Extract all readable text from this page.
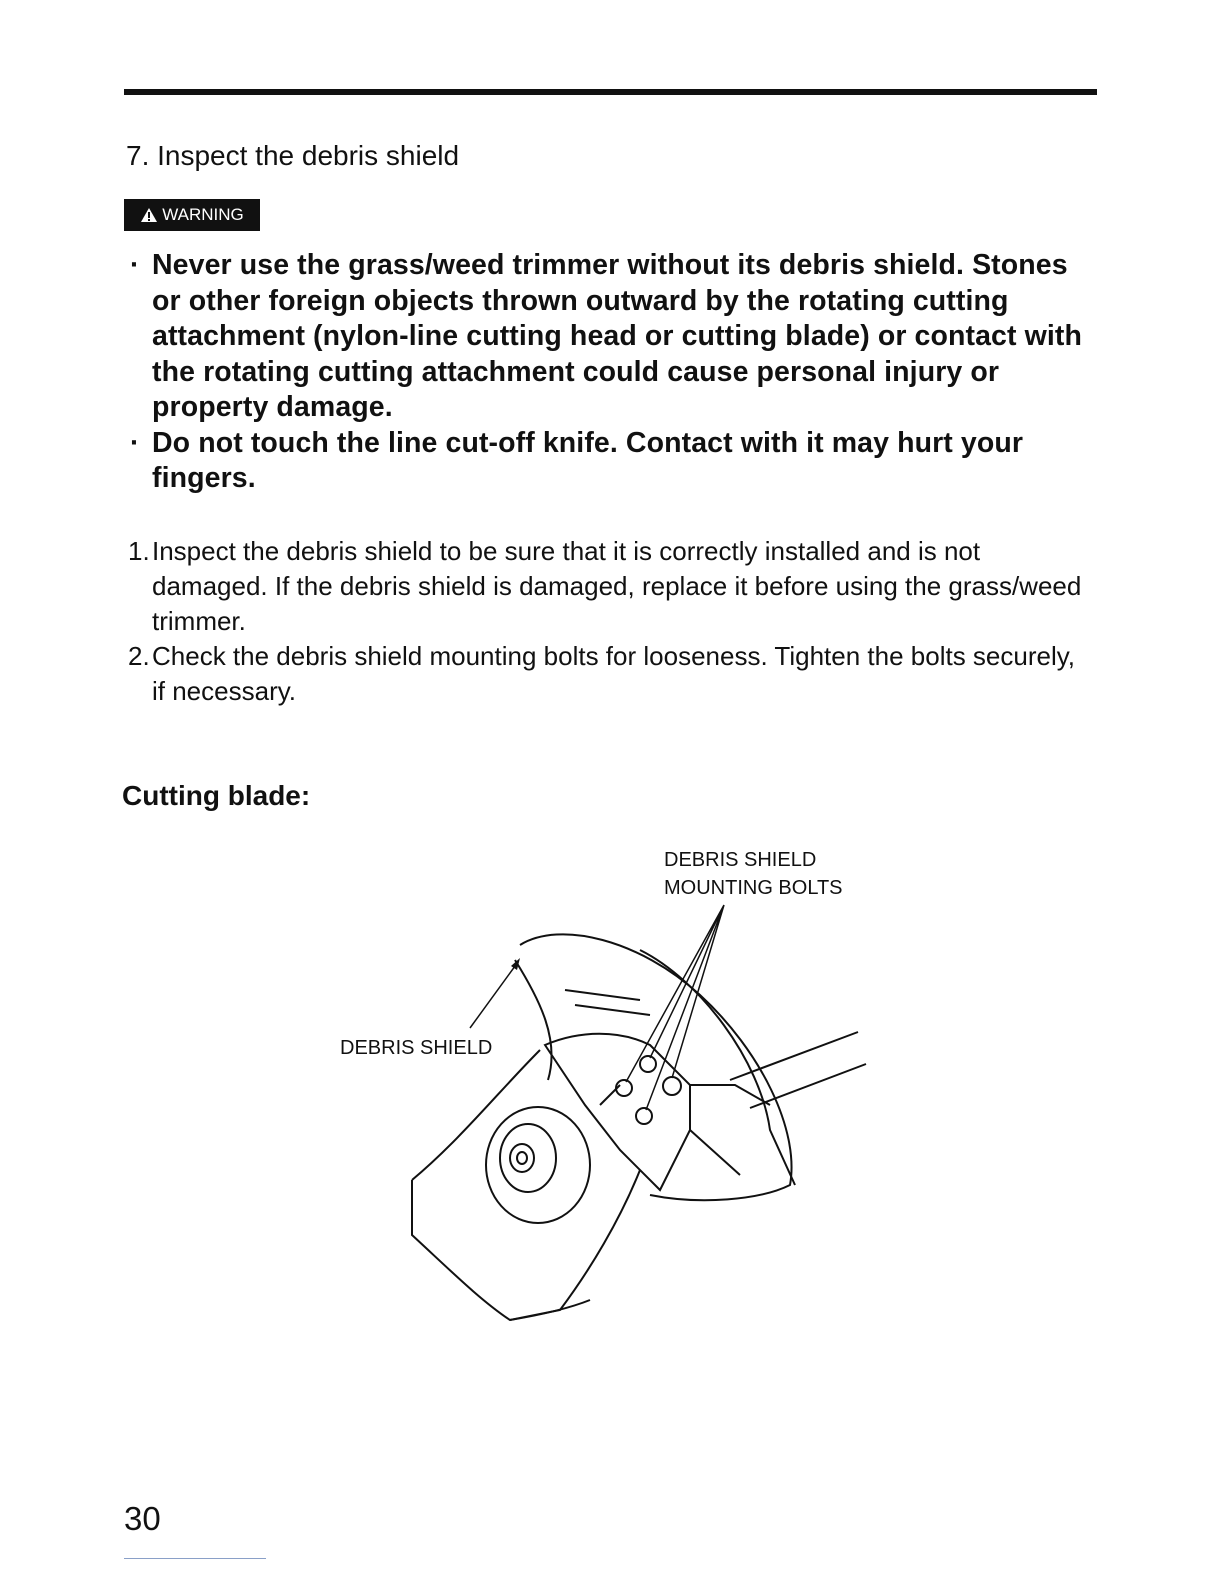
7. Inspect the debris shield
WARNING
· Never use the grass/weed trimmer without its debris shield. Stones or other foreign objects thrown outward by the rotating cutting attachment (nylon-line cutting head or cutting blade) or contact with the rotating cutting attachment could cause personal injury or property damage.
· Do not touch the line cut-off knife. Contact with it may hurt your fingers.
1. Inspect the debris shield to be sure that it is correctly installed and is not damaged. If the debris shield is damaged, replace it before using the grass/weed trimmer.
2. Check the debris shield mounting bolts for looseness. Tighten the bolts securely, if necessary.
Cutting blade:
DEBRIS SHIELD
MOUNTING BOLTS
DEBRIS SHIELD
30
